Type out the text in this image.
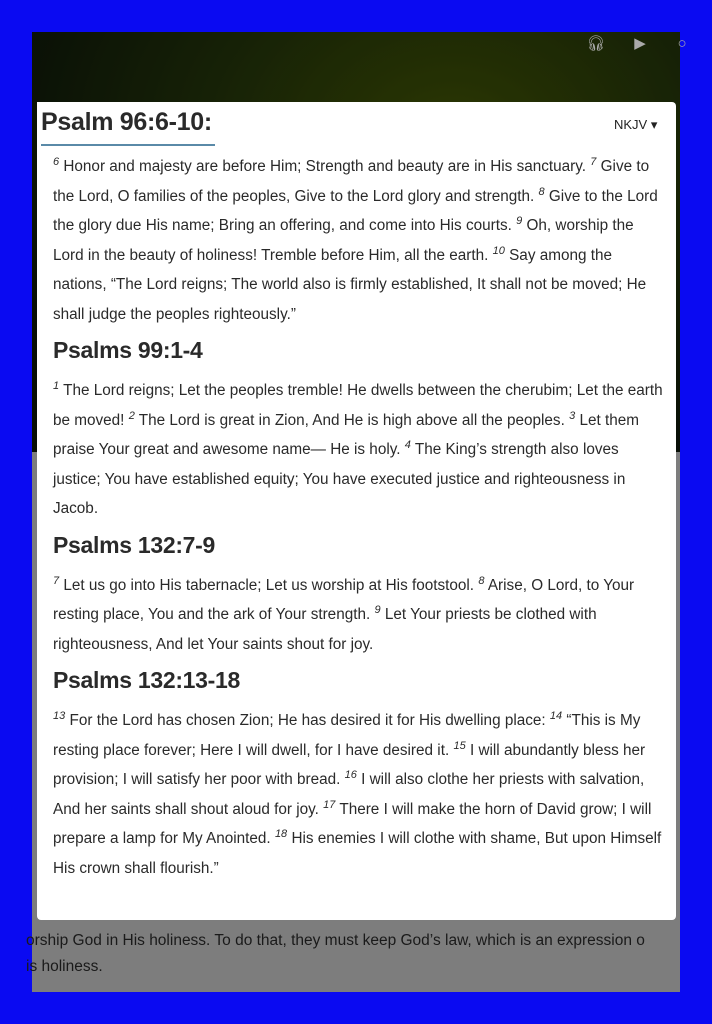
🎧︎ ▶︎	○
orship God in His holiness. To do that, they must keep God’s law, which is an expression o
is holiness.
Psalm 96:6-10:	NKJV ▾
$^6$ Honor and majesty are before Him; Strength and beauty are in His sanctuary. $^7$ Give to the Lord, O families of the peoples, Give to the Lord glory and strength. $^8$ Give to the Lord the glory due His name; Bring an offering, and come into His courts. $^9$ Oh, worship the Lord in the beauty of holiness! Tremble before Him, all the earth. $^{10}$ Say among the nations, “The Lord reigns; The world also is firmly established, It shall not be moved; He shall judge the peoples righteously.”
Psalms 99:1-4
$^1$ The Lord reigns; Let the peoples tremble! He dwells between the cherubim; Let the earth be moved! $^2$ The Lord is great in Zion, And He is high above all the peoples. $^3$ Let them praise Your great and awesome name— He is holy. $^4$ The King’s strength also loves justice; You have established equity; You have executed justice and righteousness in Jacob.
Psalms 132:7-9
$^7$ Let us go into His tabernacle; Let us worship at His footstool. $^8$ Arise, O Lord, to Your resting place, You and the ark of Your strength. $^9$ Let Your priests be clothed with righteousness, And let Your saints shout for joy.
Psalms 132:13-18
$^{13}$ For the Lord has chosen Zion; He has desired it for His dwelling place: $^{14}$ “This is My resting place forever; Here I will dwell, for I have desired it. $^{15}$ I will abundantly bless her provision; I will satisfy her poor with bread. $^{16}$ I will also clothe her priests with salvation, And her saints shall shout aloud for joy. $^{17}$ There I will make the horn of David grow; I will prepare a lamp for My Anointed. $^{18}$ His enemies I will clothe with shame, But upon Himself His crown shall flourish.”
